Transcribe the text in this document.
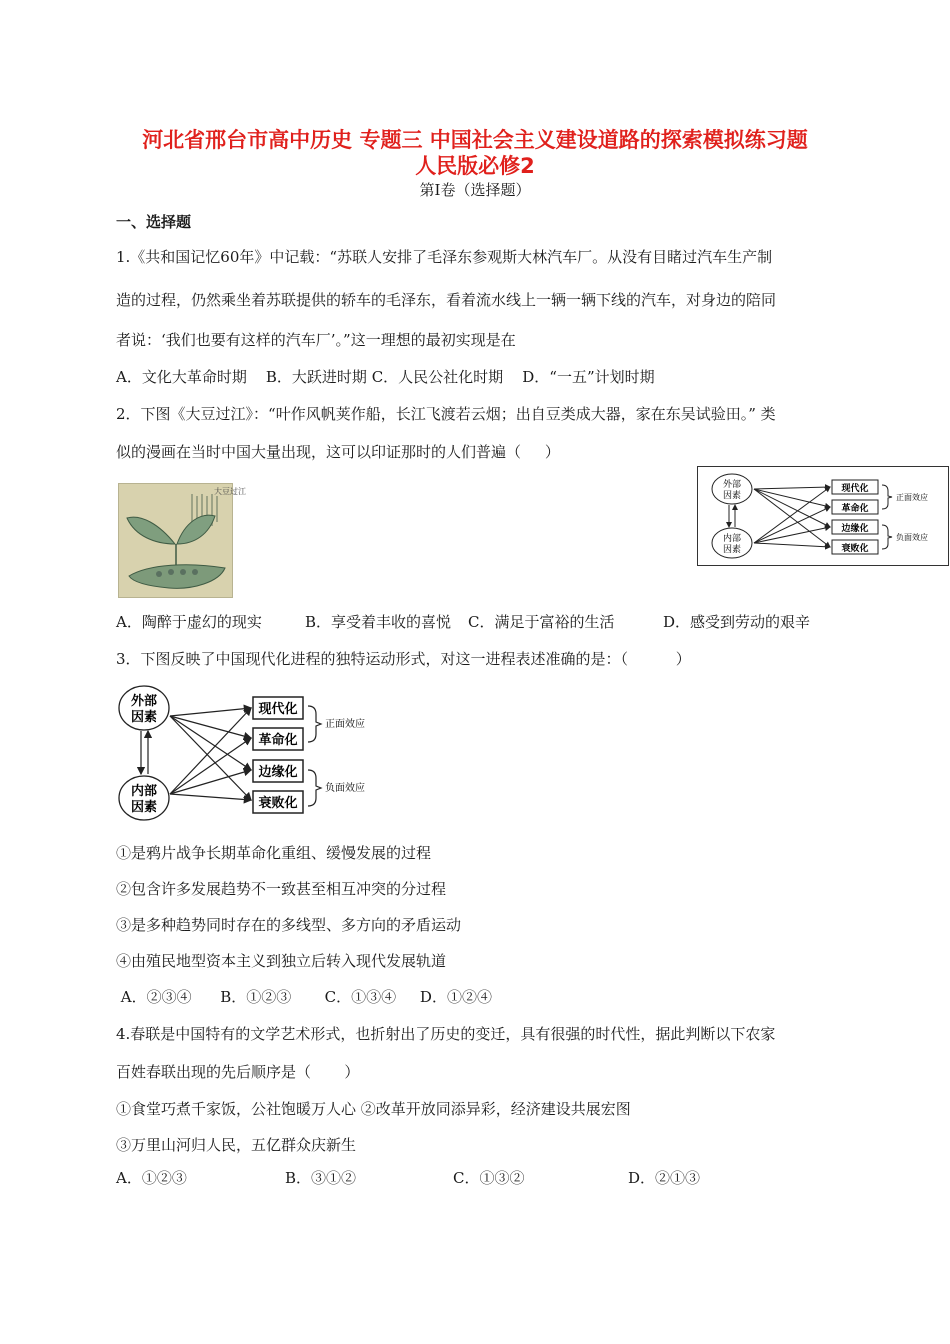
河北省邢台市高中历史 专题三 中国社会主义建设道路的探索模拟练习题
人民版必修2
第I卷（选择题）
一、选择题
1.《共和国记忆60年》中记载：“苏联人安排了毛泽东参观斯大林汽车厂。从没有目睹过汽车生产制
造的过程，仍然乘坐着苏联提供的轿车的毛泽东，看着流水线上一辆一辆下线的汽车，对身边的陪同
者说：‘我们也要有这样的汽车厂’。”这一理想的最初实现是在
A．文化大革命时期    B．大跃进时期 C．人民公社化时期    D．“一五”计划时期
2．下图《大豆过江》：“叶作风帆荚作船，长江飞渡若云烟；出自豆类成大器，家在东吴试验田。” 类
似的漫画在当时中国大量出现，这可以印证那时的人们普遍（     ）
大豆过江
外部
因素
内部
因素
现代化
革命化
边缘化
衰败化
正面效应
负面效应
A．陶醉于虚幻的现实	B．享受着丰收的喜悦 C．满足于富裕的生活	D．感受到劳动的艰辛
3．下图反映了中国现代化进程的独特运动形式，对这一进程表述准确的是：（          ）
外部
因素
内部
因素
现代化
革命化
边缘化
衰败化
正面效应
负面效应
①是鸦片战争长期革命化重组、缓慢发展的过程
②包含许多发展趋势不一致甚至相互冲突的分过程
③是多种趋势同时存在的多线型、多方向的矛盾运动
④由殖民地型资本主义到独立后转入现代发展轨道
A．②③④      B．①②③       C．①③④     D．①②④
4.春联是中国特有的文学艺术形式，也折射出了历史的变迁，具有很强的时代性，据此判断以下农家
百姓春联出现的先后顺序是（       ）
①食堂巧煮千家饭，公社饱暖万人心 ②改革开放同添异彩，经济建设共展宏图
③万里山河归人民，五亿群众庆新生
A．①②③	B．③①②	C．①③②	D．②①③
